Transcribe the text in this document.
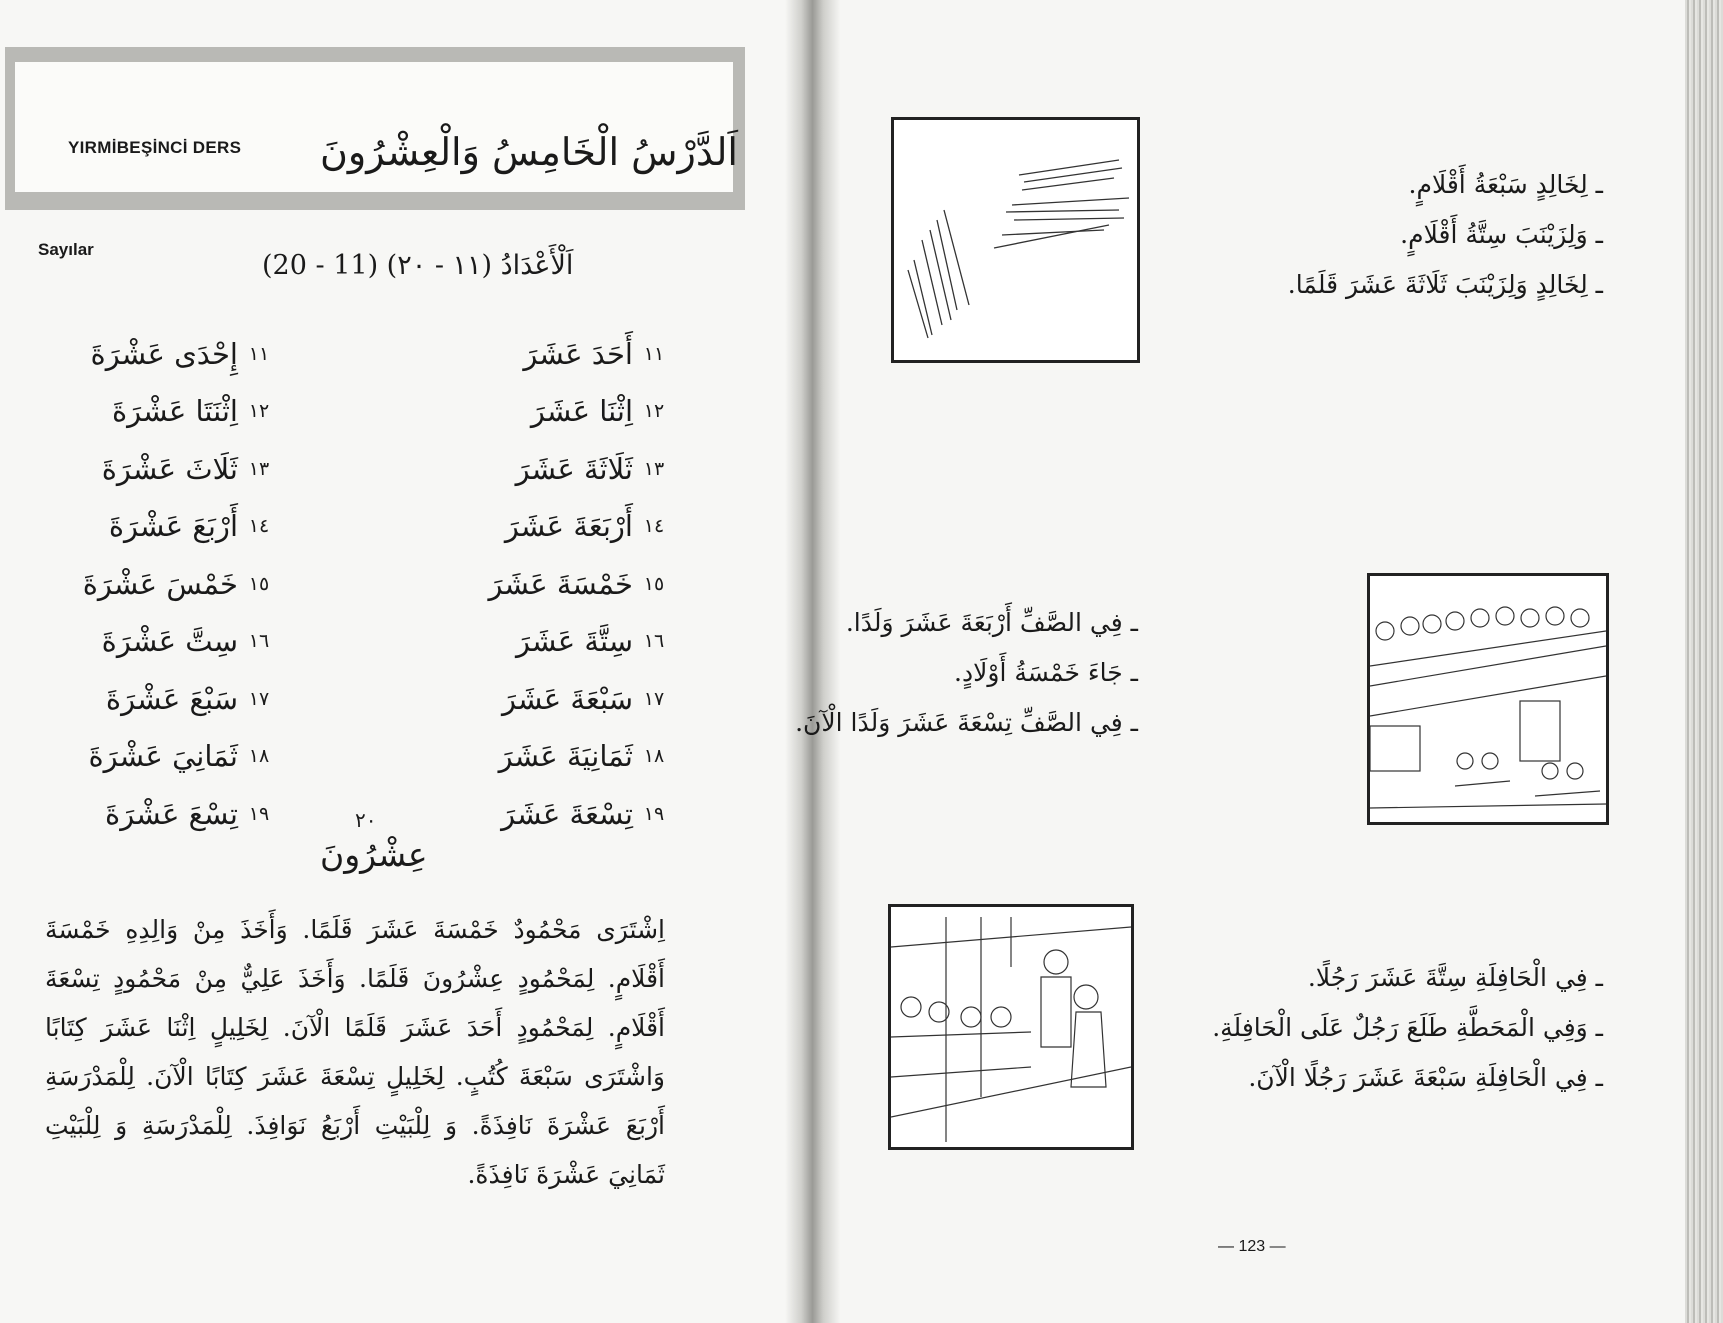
YIRMİBEŞİNCİ DERS اَلدَّرْسُ الْخَامِسُ وَالْعِشْرُونَ
Sayılar
اَلْأَعْدَادُ (١١ - ٢٠) (11 - 20)
١١
أَحَدَ عَشَرَ
١٢
اِثْنَا عَشَرَ
١٣
ثَلَاثَةَ عَشَرَ
١٤
أَرْبَعَةَ عَشَرَ
١٥
خَمْسَةَ عَشَرَ
١٦
سِتَّةَ عَشَرَ
١٧
سَبْعَةَ عَشَرَ
١٨
ثَمَانِيَةَ عَشَرَ
١٩
تِسْعَةَ عَشَرَ
١١
إِحْدَى عَشْرَةَ
١٢
اِثْنَتَا عَشْرَةَ
١٣
ثَلَاثَ عَشْرَةَ
١٤
أَرْبَعَ عَشْرَةَ
١٥
خَمْسَ عَشْرَةَ
١٦
سِتَّ عَشْرَةَ
١٧
سَبْعَ عَشْرَةَ
١٨
ثَمَانِيَ عَشْرَةَ
١٩
تِسْعَ عَشْرَةَ	٢٠
عِشْرُونَ
اِشْتَرَى مَحْمُودٌ خَمْسَةَ عَشَرَ قَلَمًا. وَأَخَذَ مِنْ وَالِدِهِ خَمْسَةَ أَقْلَامٍ. لِمَحْمُودٍ عِشْرُونَ قَلَمًا. وَأَخَذَ عَلِيٌّ مِنْ مَحْمُودٍ تِسْعَةَ أَقْلَامٍ. لِمَحْمُودٍ أَحَدَ عَشَرَ قَلَمًا الْآنَ. لِخَلِيلٍ اِثْنَا عَشَرَ كِتَابًا وَاشْتَرَى سَبْعَةَ كُتُبٍ. لِخَلِيلٍ تِسْعَةَ عَشَرَ كِتَابًا الْآنَ. لِلْمَدْرَسَةِ أَرْبَعَ عَشْرَةَ نَافِذَةً. وَ لِلْبَيْتِ أَرْبَعُ نَوَافِذَ. لِلْمَدْرَسَةِ وَ لِلْبَيْتِ ثَمَانِيَ عَشْرَةَ نَافِذَةً.
ـ لِخَالِدٍ سَبْعَةُ أَقْلَامٍ.
ـ وَلِزَيْنَبَ سِتَّةُ أَقْلَامٍ.
ـ لِخَالِدٍ وَلِزَيْنَبَ ثَلَاثَةَ عَشَرَ قَلَمًا.
ـ فِي الصَّفِّ أَرْبَعَةَ عَشَرَ وَلَدًا.
ـ جَاءَ خَمْسَةُ أَوْلَادٍ.
ـ فِي الصَّفِّ تِسْعَةَ عَشَرَ وَلَدًا الْآنَ.
ـ فِي الْحَافِلَةِ سِتَّةَ عَشَرَ رَجُلًا.
ـ وَفِي الْمَحَطَّةِ طَلَعَ رَجُلٌ عَلَى الْحَافِلَةِ.
ـ فِي الْحَافِلَةِ سَبْعَةَ عَشَرَ رَجُلًا الْآنَ.
— 123 —
